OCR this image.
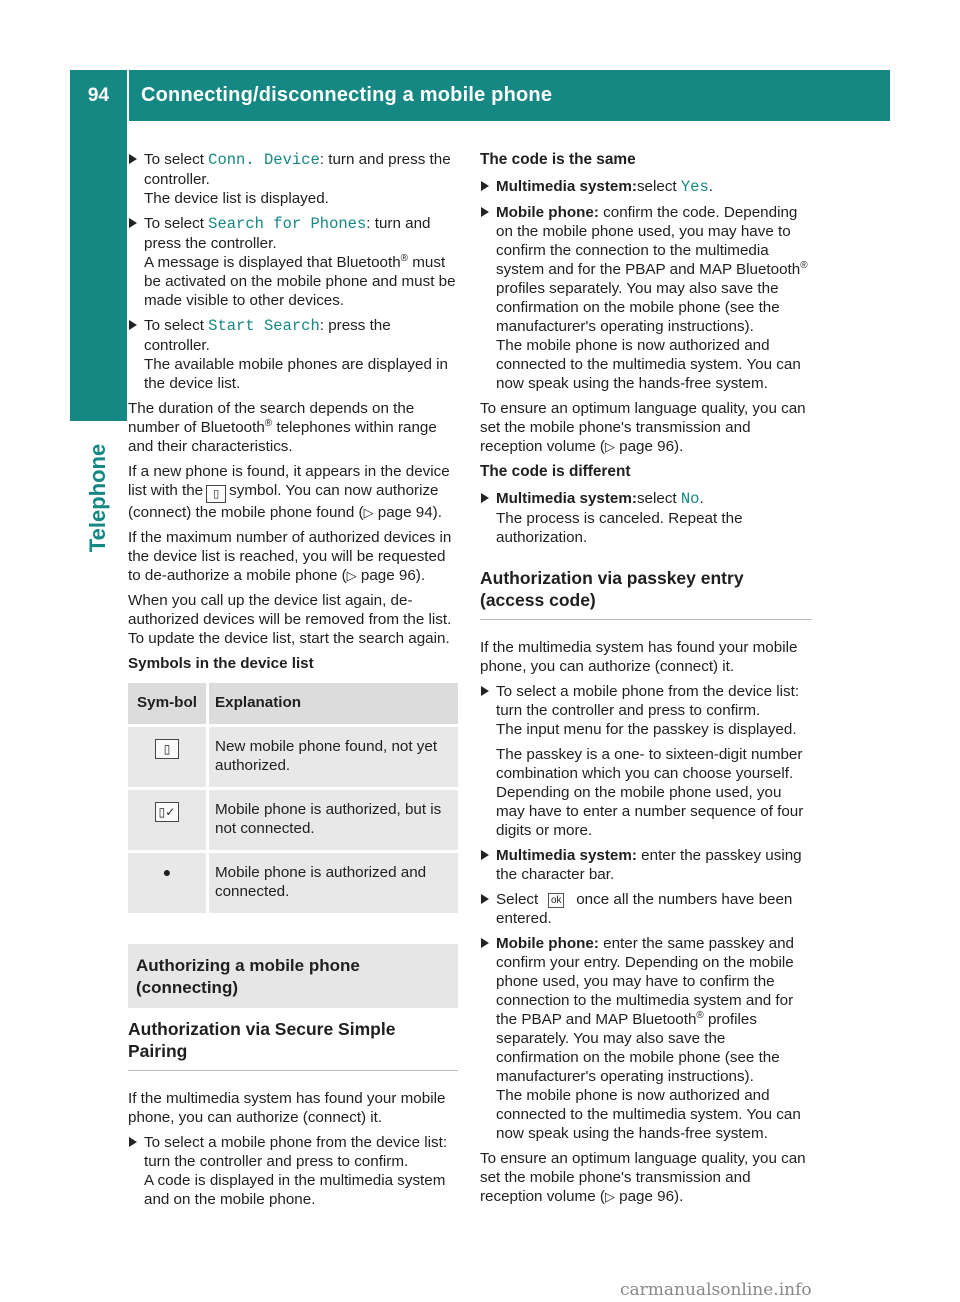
94	Connecting/disconnecting a mobile phone
Telephone
To select Conn. Device: turn and press the controller.
The device list is displayed.
To select Search for Phones: turn and press the controller.
A message is displayed that Bluetooth® must be activated on the mobile phone and must be made visible to other devices.
To select Start Search: press the controller.
The available mobile phones are displayed in the device list.

The duration of the search depends on the number of Bluetooth® telephones within range and their characteristics.

If a new phone is found, it appears in the device list with the ▯ symbol. You can now authorize (connect) the mobile phone found (▷ page 94).

If the maximum number of authorized devices in the device list is reached, you will be requested to de-authorize a mobile phone (▷ page 96).

When you call up the device list again, de-authorized devices will be removed from the list. To update the device list, start the search again.

Symbols in the device list

Sym-bol	Explanation
▯	New mobile phone found, not yet authorized.
▯✓	Mobile phone is authorized, but is not connected.
●	Mobile phone is authorized and connected.
Authorizing a mobile phone (connecting)
Authorization via Secure Simple Pairing

If the multimedia system has found your mobile phone, you can authorize (connect) it.

To select a mobile phone from the device list: turn the controller and press to confirm.
A code is displayed in the multimedia system and on the mobile phone.

The code is the same

Multimedia system:select Yes.
Mobile phone: confirm the code. Depending on the mobile phone used, you may have to confirm the connection to the multimedia system and for the PBAP and MAP Bluetooth® profiles separately. You may also save the confirmation on the mobile phone (see the manufacturer's operating instructions).
The mobile phone is now authorized and connected to the multimedia system. You can now speak using the hands-free system.

To ensure an optimum language quality, you can set the mobile phone's transmission and reception volume (▷ page 96).

The code is different

Multimedia system:select No.
The process is canceled. Repeat the authorization.
Authorization via passkey entry (access code)

If the multimedia system has found your mobile phone, you can authorize (connect) it.

To select a mobile phone from the device list: turn the controller and press to confirm.
The input menu for the passkey is displayed.
The passkey is a one- to sixteen-digit number combination which you can choose yourself. Depending on the mobile phone used, you may have to enter a number sequence of four digits or more.
Multimedia system: enter the passkey using the character bar.
Select ok once all the numbers have been entered.
Mobile phone: enter the same passkey and confirm your entry. Depending on the mobile phone used, you may have to confirm the connection to the multimedia system and for the PBAP and MAP Bluetooth® profiles separately. You may also save the confirmation on the mobile phone (see the manufacturer's operating instructions).
The mobile phone is now authorized and connected to the multimedia system. You can now speak using the hands-free system.

To ensure an optimum language quality, you can set the mobile phone's transmission and reception volume (▷ page 96).

carmanualsonline.info
